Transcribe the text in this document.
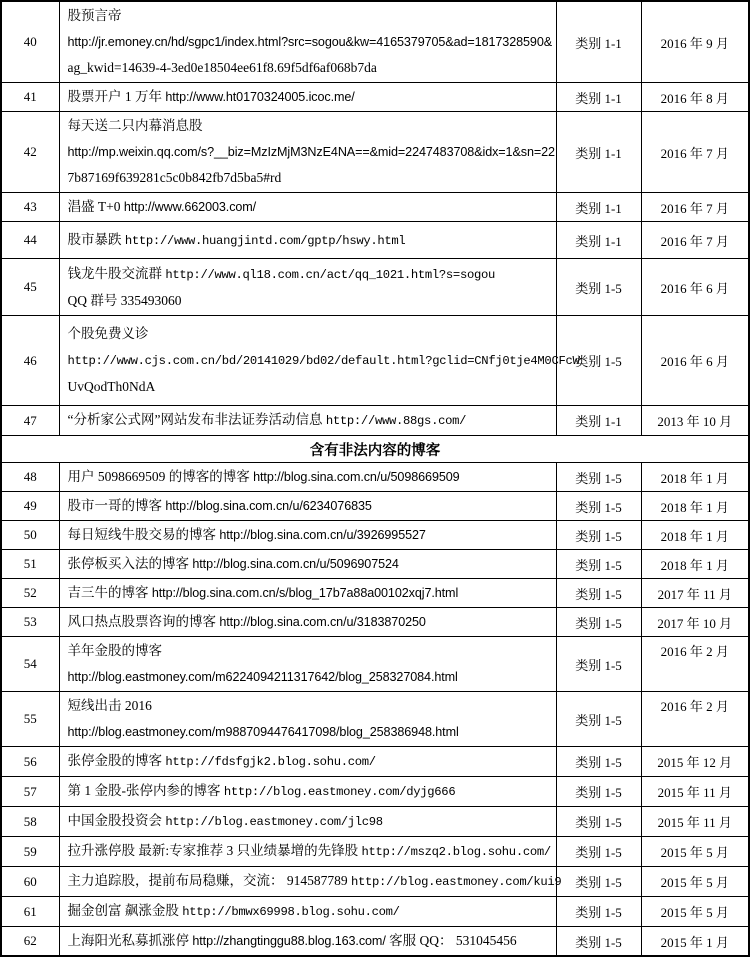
40	股预言帝
http://jr.emoney.cn/hd/sgpc1/index.html?src=sogou&kw=4165379705&ad=1817328590&
ag_kwid=14639-4-3ed0e18504ee61f8.69f5df6af068b7da	类别 1-1	2016 年 9 月
41	股票开户 1 万年 http://www.ht0170324005.icoc.me/	类别 1-1	2016 年 8 月
42	每天送二只内幕消息股
http://mp.weixin.qq.com/s?__biz=MzIzMjM3NzE4NA==&mid=2247483708&idx=1&sn=22
7b87169f639281c5c0b842fb7d5ba5#rd	类别 1-1	2016 年 7 月
43	淐盛 T+0 http://www.662003.com/	类别 1-1	2016 年 7 月
44	股市暴跌 http://www.huangjintd.com/gptp/hswy.html	类别 1-1	2016 年 7 月
45	钱龙牛股交流群 http://www.ql18.com.cn/act/qq_1021.html?s=sogou
QQ 群号 335493060	类别 1-5	2016 年 6 月
46	个股免费义诊
http://www.cjs.com.cn/bd/20141029/bd02/default.html?gclid=CNfj0tje4M0CFcW
UvQodTh0NdA	类别 1-5	2016 年 6 月
47	“分析家公式网”网站发布非法证券活动信息 http://www.88gs.com/	类别 1-1	2013 年 10 月
含有非法内容的博客			
48	用户 5098669509 的博客的博客 http://blog.sina.com.cn/u/5098669509	类别 1-5	2018 年 1 月
49	股市一哥的博客 http://blog.sina.com.cn/u/6234076835	类别 1-5	2018 年 1 月
50	每日短线牛股交易的博客 http://blog.sina.com.cn/u/3926995527	类别 1-5	2018 年 1 月
51	张停板买入法的博客 http://blog.sina.com.cn/u/5096907524	类别 1-5	2018 年 1 月
52	吉三牛的博客 http://blog.sina.com.cn/s/blog_17b7a88a00102xqj7.html	类别 1-5	2017 年 11 月
53	风口热点股票咨询的博客 http://blog.sina.com.cn/u/3183870250	类别 1-5	2017 年 10 月
54	羊年金股的博客
http://blog.eastmoney.com/m6224094211317642/blog_258327084.html	类别 1-5	2016 年 2 月
55	短线出击 2016
http://blog.eastmoney.com/m9887094476417098/blog_258386948.html	类别 1-5	2016 年 2 月
56	张停金股的博客 http://fdsfgjk2.blog.sohu.com/	类别 1-5	2015 年 12 月
57	第 1 金股-张停内参的博客 http://blog.eastmoney.com/dyjg666	类别 1-5	2015 年 11 月
58	中国金股投资会 http://blog.eastmoney.com/jlc98	类别 1-5	2015 年 11 月
59	拉升涨停股 最新:专家推荐 3 只业绩暴增的先锋股 http://mszq2.blog.sohu.com/	类别 1-5	2015 年 5 月
60	主力追踪股，提前布局稳赚，交流： 914587789 http://blog.eastmoney.com/kui9	类别 1-5	2015 年 5 月
61	掘金创富 飙涨金股 http://bmwx69998.blog.sohu.com/	类别 1-5	2015 年 5 月
62	上海阳光私募抓涨停 http://zhangtinggu88.blog.163.com/ 客服 QQ： 531045456	类别 1-5	2015 年 1 月
